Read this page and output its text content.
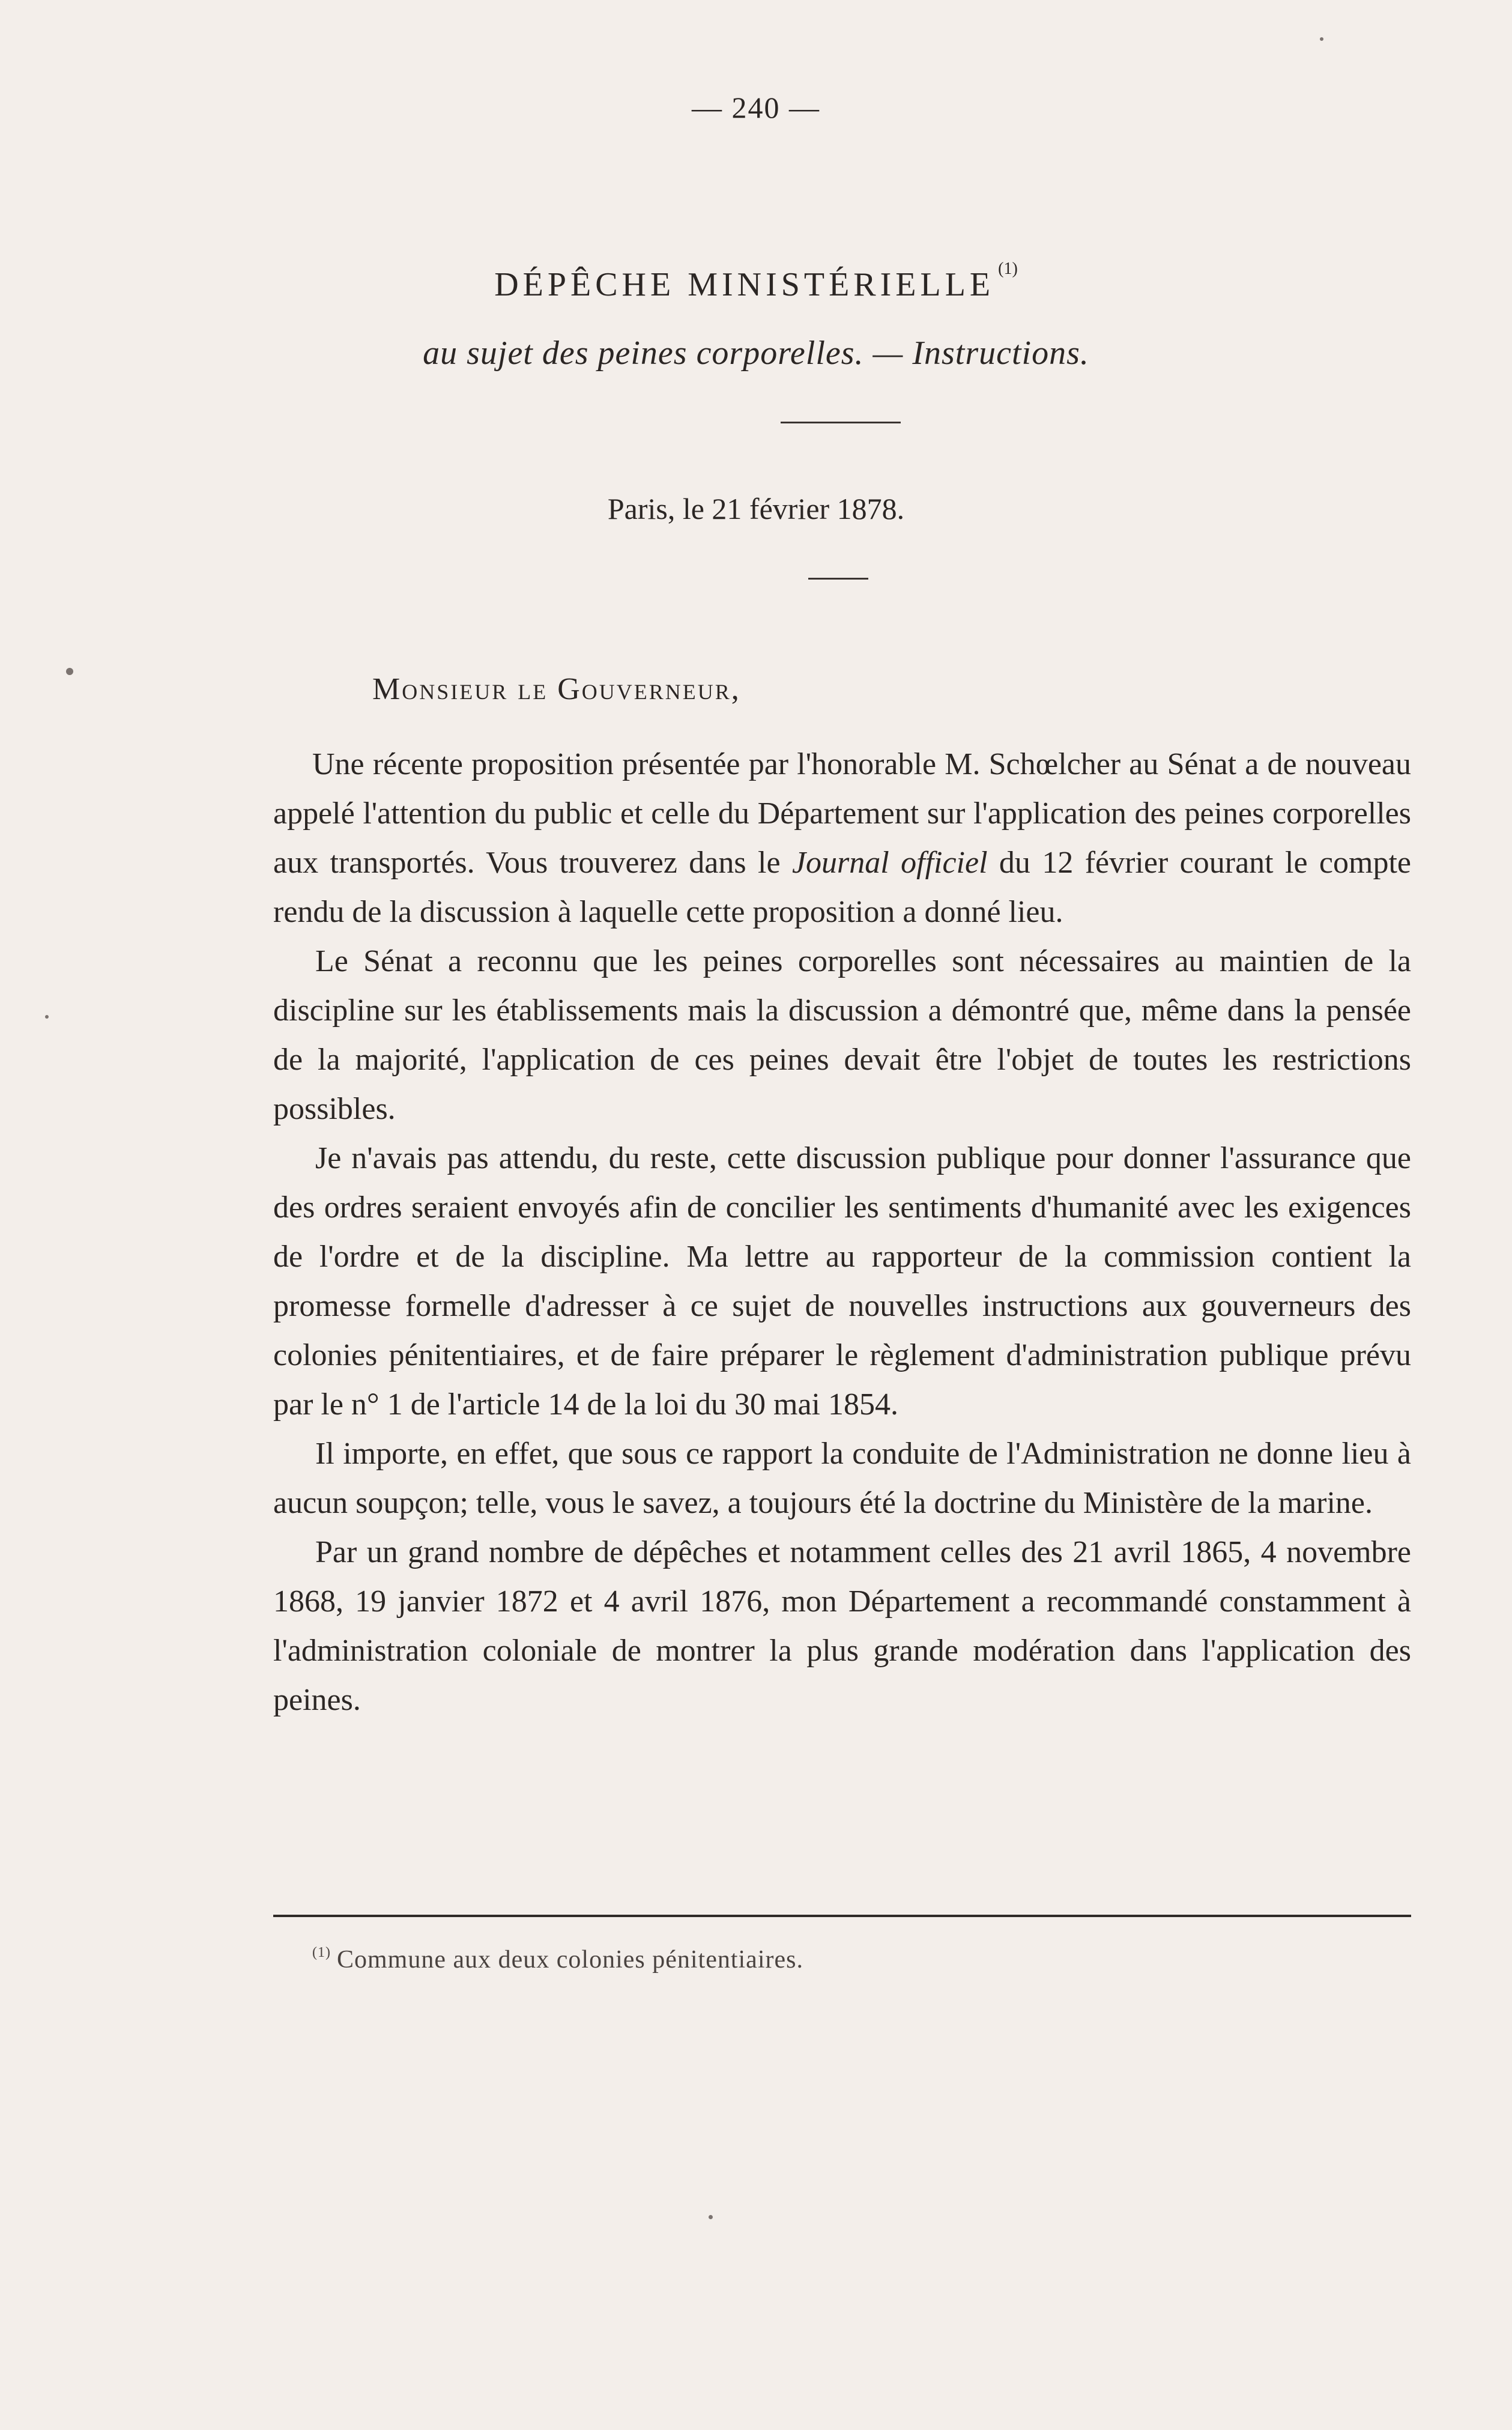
— 240 —
DÉPÊCHE MINISTÉRIELLE $^{(1)}$
au sujet des peines corporelles. — Instructions.
Paris, le 21 février 1878.
Monsieur le Gouverneur,

Une récente proposition présentée par l'honorable M. Schœlcher au Sénat a de nouveau appelé l'attention du public et celle du Département sur l'application des peines corporelles aux transportés. Vous trouverez dans le Journal officiel du 12 février courant le compte rendu de la discussion à laquelle cette proposition a donné lieu.

Le Sénat a reconnu que les peines corporelles sont nécessaires au maintien de la discipline sur les établissements mais la discussion a démontré que, même dans la pensée de la majorité, l'application de ces peines devait être l'objet de toutes les restrictions possibles.

Je n'avais pas attendu, du reste, cette discussion publique pour donner l'assurance que des ordres seraient envoyés afin de concilier les sentiments d'humanité avec les exigences de l'ordre et de la discipline. Ma lettre au rapporteur de la commission contient la promesse formelle d'adresser à ce sujet de nouvelles instructions aux gouverneurs des colonies pénitentiaires, et de faire préparer le règlement d'administration publique prévu par le n° 1 de l'article 14 de la loi du 30 mai 1854.

Il importe, en effet, que sous ce rapport la conduite de l'Administration ne donne lieu à aucun soupçon; telle, vous le savez, a toujours été la doctrine du Ministère de la marine.

Par un grand nombre de dépêches et notamment celles des 21 avril 1865, 4 novembre 1868, 19 janvier 1872 et 4 avril 1876, mon Département a recommandé constamment à l'administration coloniale de montrer la plus grande modération dans l'application des peines.

$^{(1)}$ Commune aux deux colonies pénitentiaires.
